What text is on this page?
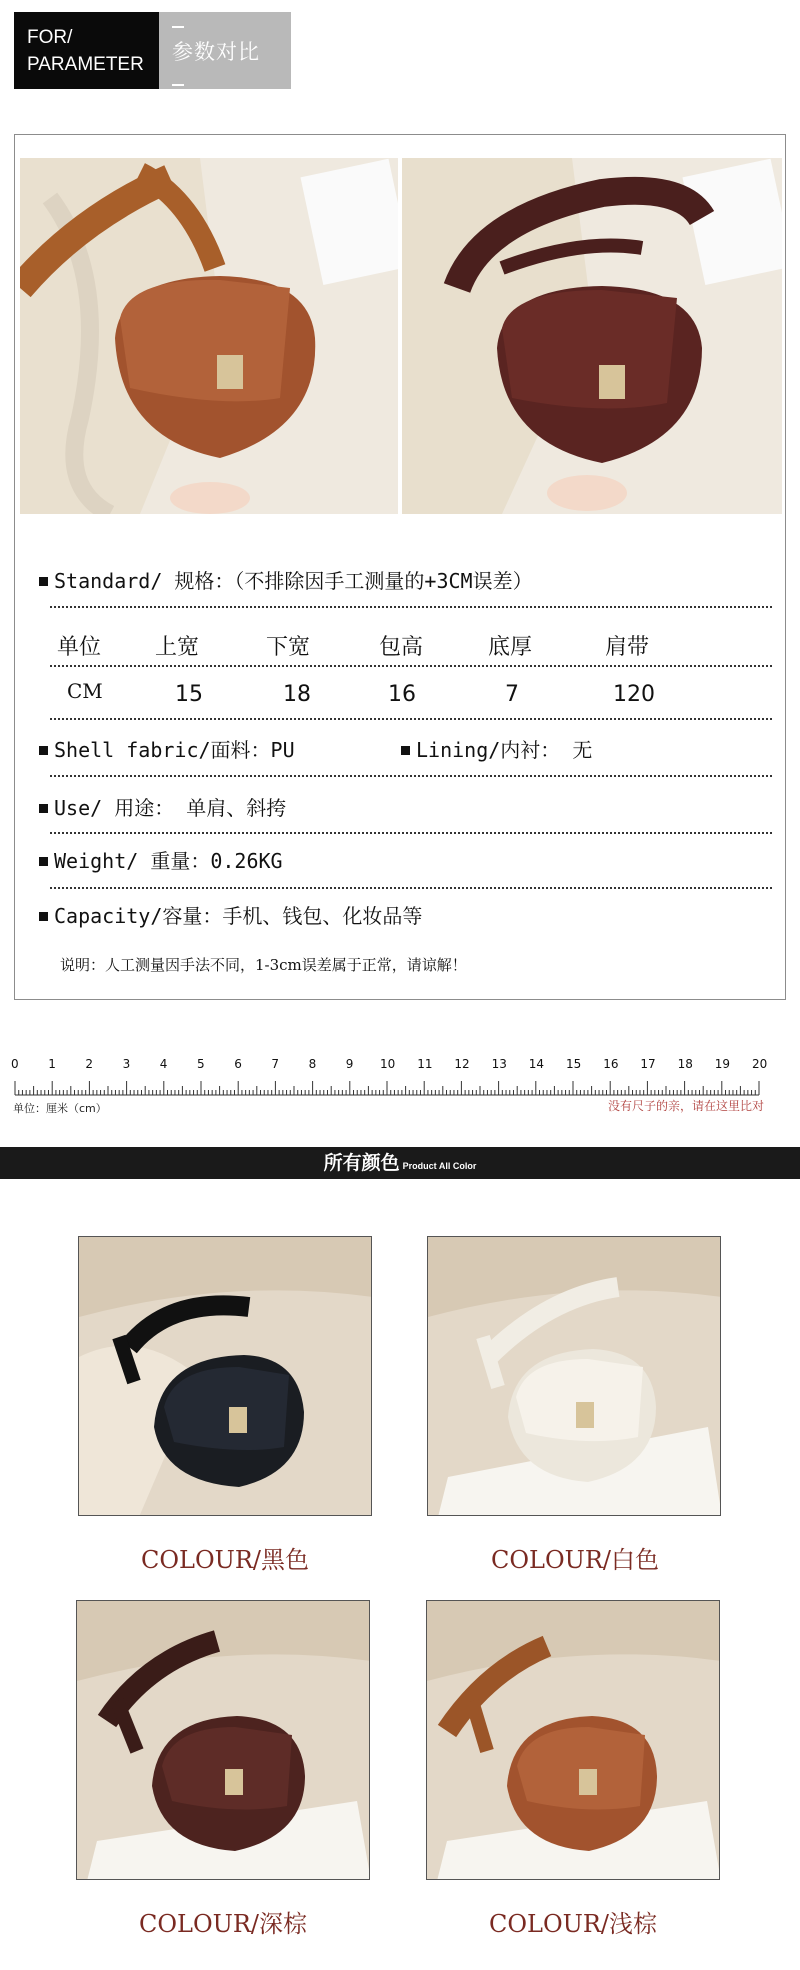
FOR/
PARAMETER
参数对比
Standard/ 规格：（不排除因手工测量的+3CM误差）
单位 上宽	下宽	包高	底厚	肩带
CM	15	18	16	7	120
Shell fabric/面料：PU	Lining/内衬： 无
Use/ 用途： 单肩、斜挎
Weight/ 重量：0.26KG
Capacity/容量：手机、钱包、化妆品等
说明：人工测量因手法不同，1-3cm误差属于正常，请谅解！
0 1 2 3 4 5 6 7 8 9 10 11 12 13 14 15 16 17 18 19 20
单位：厘米（cm）	没有尺子的亲，请在这里比对
所有颜色 Product All Color
COLOUR/黑色	COLOUR/白色
COLOUR/深棕	COLOUR/浅棕
